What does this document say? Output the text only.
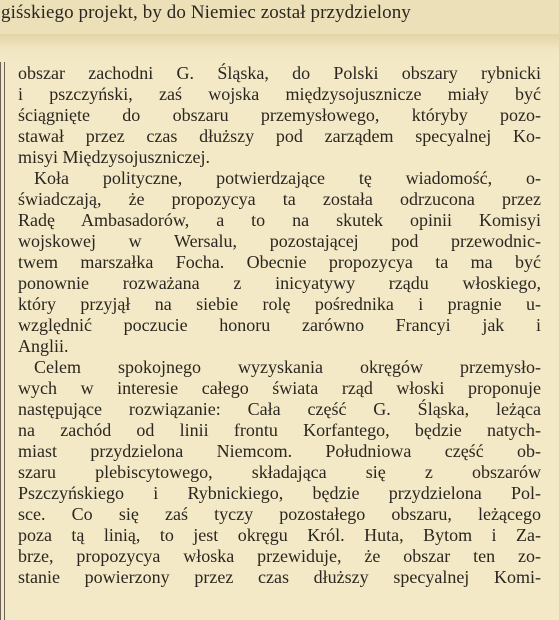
giśskiego projekt, by do Niemiec został przydzielony
obszar zachodni G. Śląska, do Polski obszary rybnicki
i pszczyński, zaś wojska międzysojusznicze miały być
ściągnięte do obszaru przemysłowego, któryby pozo-
stawał przez czas dłuższy pod zarządem specyalnej Ko-
misyi Międzysojuszniczej.
Koła polityczne, potwierdzające tę wiadomość, o-
świadczają, że propozycya ta została odrzucona przez
Radę Ambasadorów, a to na skutek opinii Komisyi
wojskowej w Wersalu, pozostającej pod przewodnic-
twem marszałka Focha. Obecnie propozycya ta ma być
ponownie rozważana z inicyatywy rządu włoskiego,
który przyjął na siebie rolę pośrednika i pragnie u-
względnić poczucie honoru zarówno Francyi jak i
Anglii.
Celem spokojnego wyzyskania okręgów przemysło-
wych w interesie całego świata rząd włoski proponuje
następujące rozwiązanie: Cała część G. Śląska, leżąca
na zachód od linii frontu Korfantego, będzie natych-
miast przydzielona Niemcom. Południowa część ob-
szaru plebiscytowego, składająca się z obszarów
Pszczyńskiego i Rybnickiego, będzie przydzielona Pol-
sce. Co się zaś tyczy pozostałego obszaru, leżącego
poza tą linią, to jest okręgu Król. Huta, Bytom i Za-
brze, propozycya włoska przewiduje, że obszar ten zo-
stanie powierzony przez czas dłuższy specyalnej Komi-
